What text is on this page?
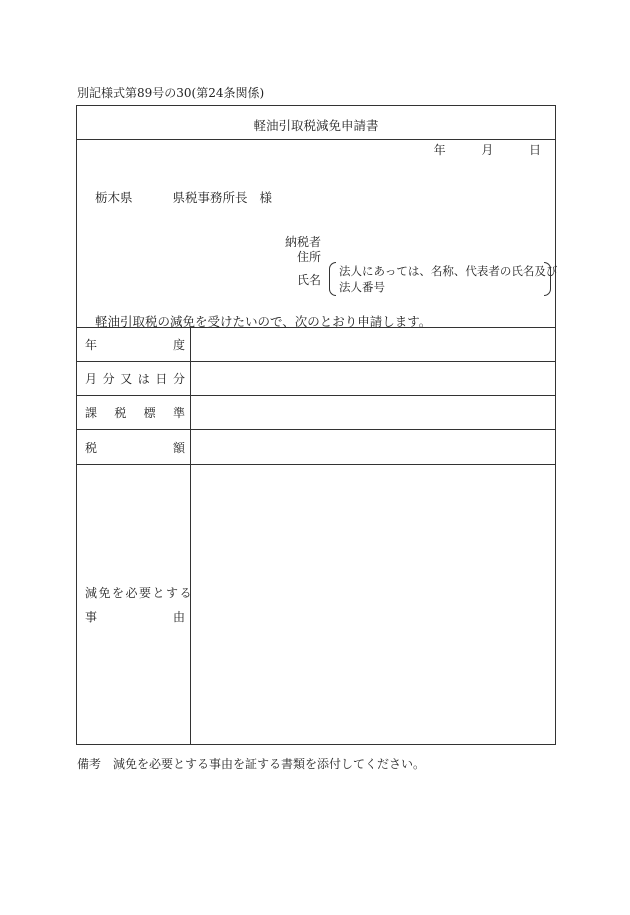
別記様式第89号の30(第24条関係)
軽油引取税減免申請書
年	月	日
栃木県	県税事務所長 様
納税者
住所
氏名
法人にあっては、名称、代表者の氏名及び
法人番号
軽油引取税の減免を受けたいので、次のとおり申請します。
年	度
月 分 又 は 日 分
課 税 標 準
税	額
減免を必要とする
事	由
備考　減免を必要とする事由を証する書類を添付してください。
